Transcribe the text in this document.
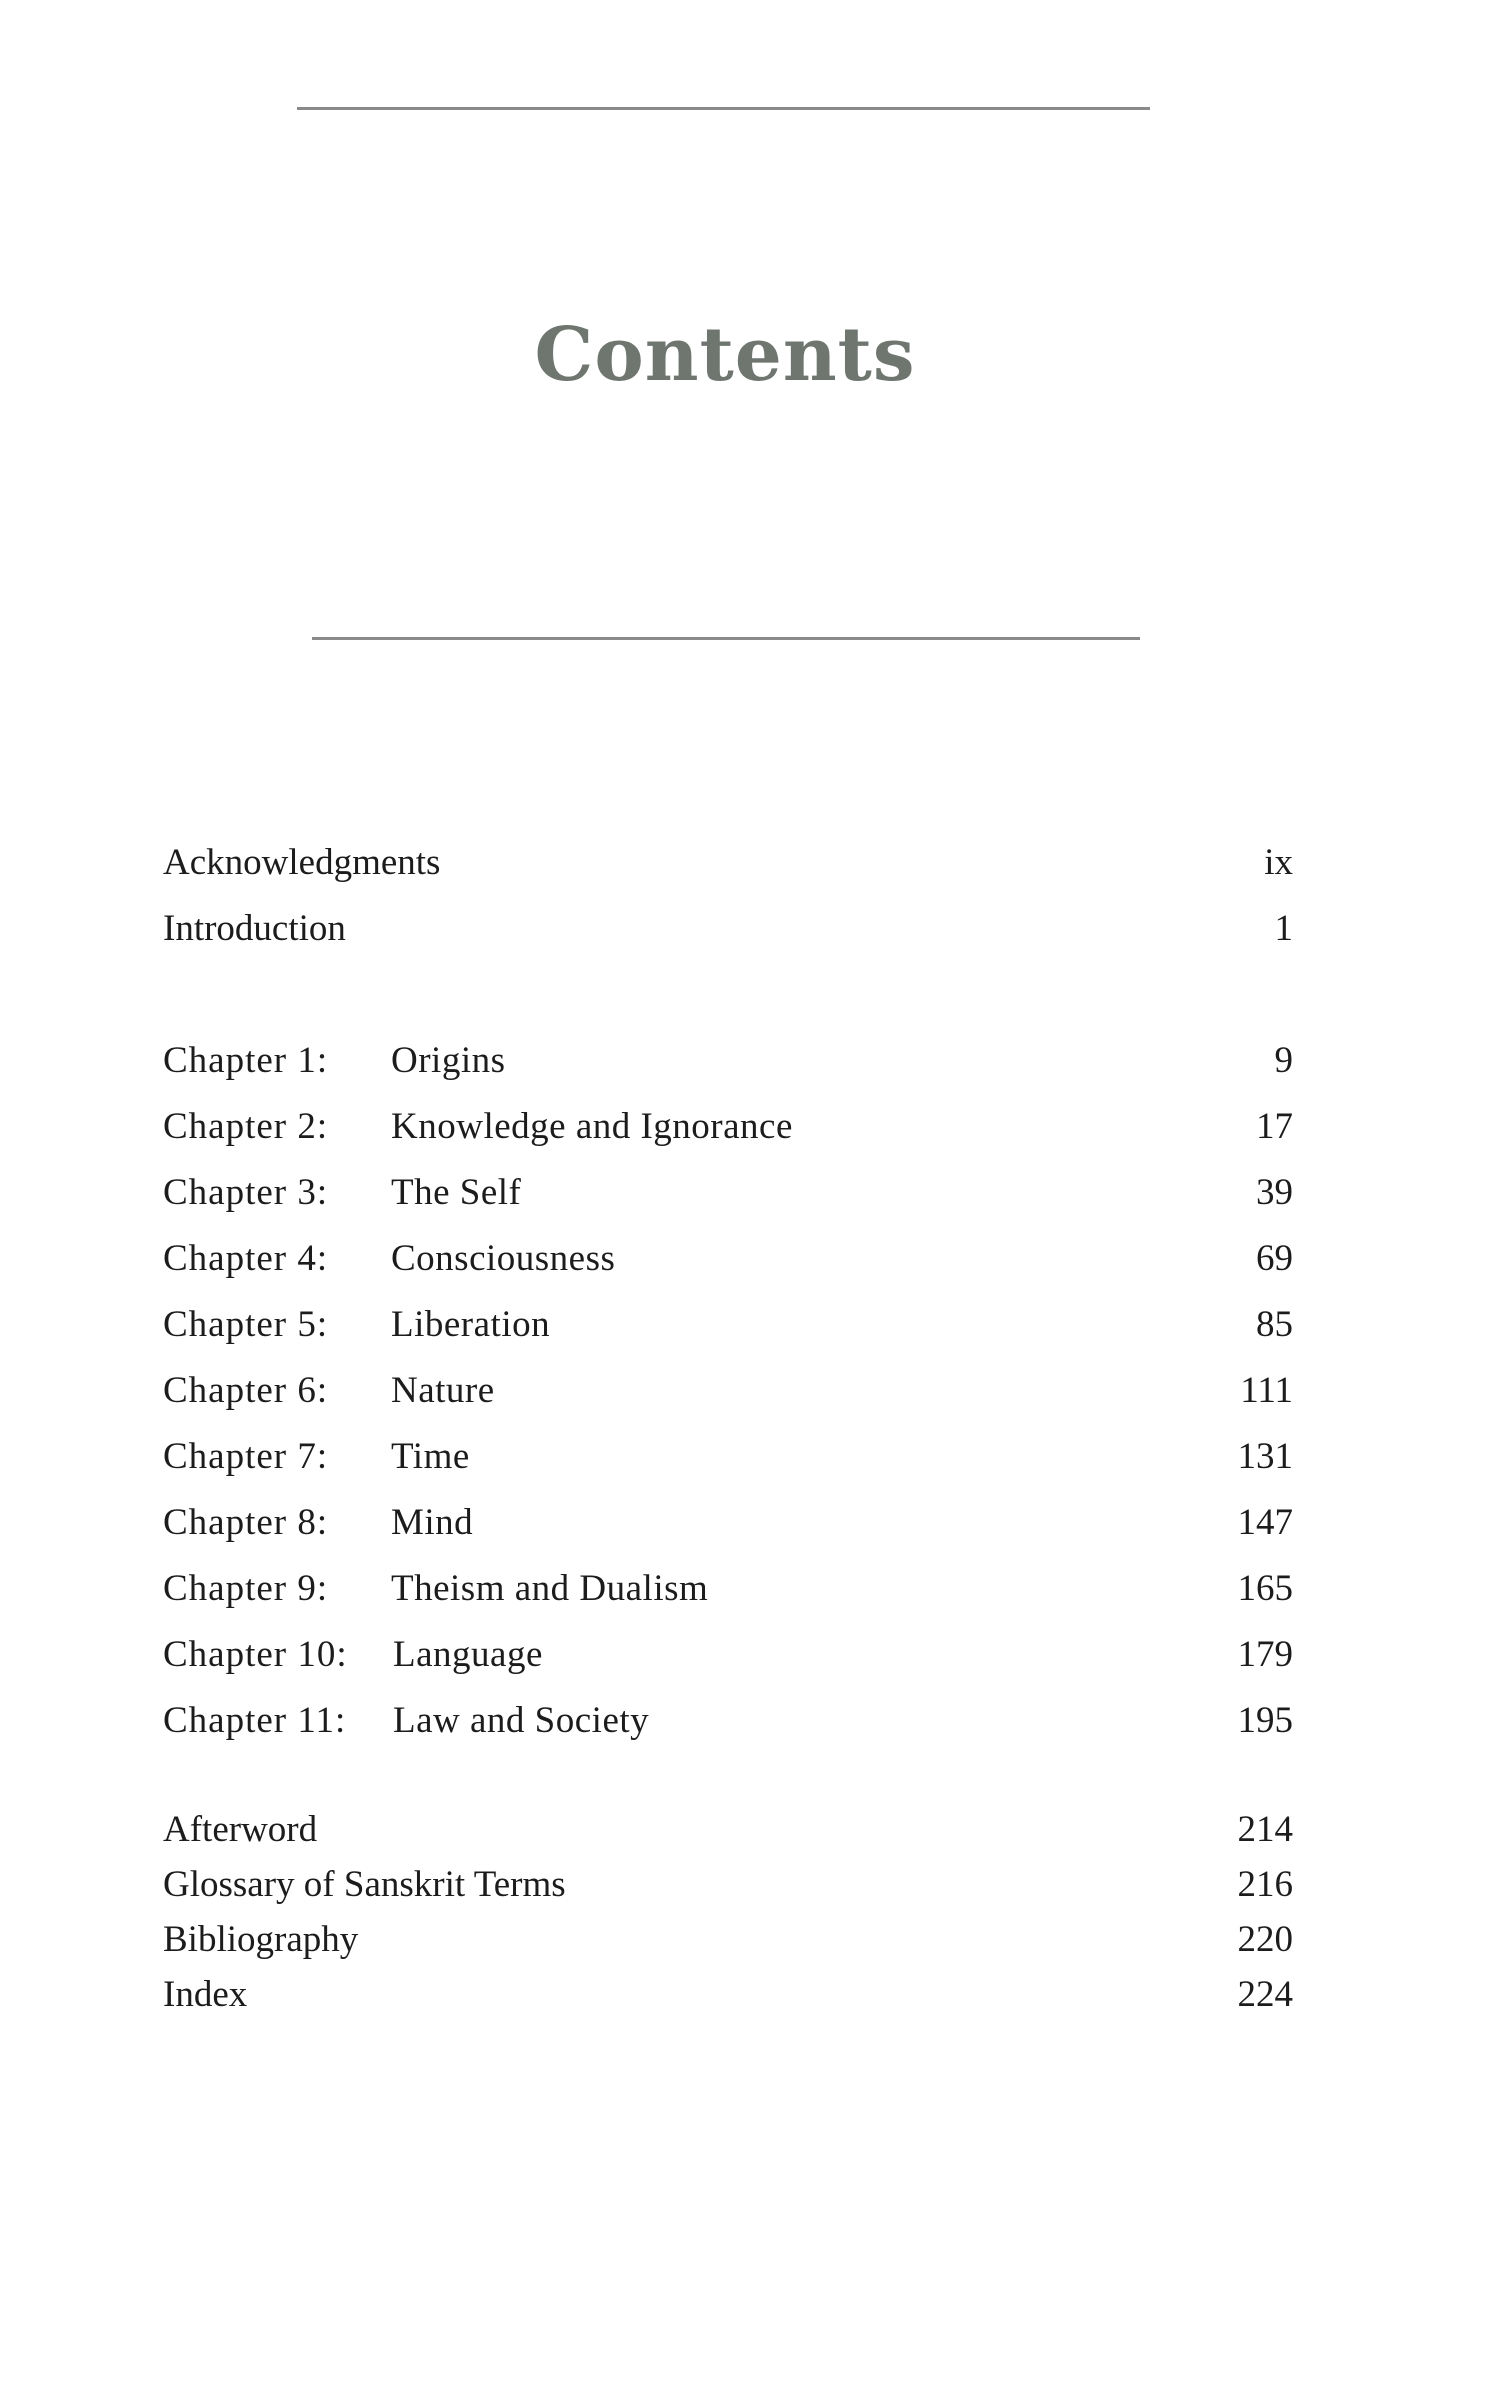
Contents
Acknowledgments	ix
Introduction	1
Chapter 1: Origins	9
Chapter 2: Knowledge and Ignorance	17
Chapter 3: The Self	39
Chapter 4: Consciousness	69
Chapter 5: Liberation	85
Chapter 6: Nature	111
Chapter 7: Time	131
Chapter 8: Mind	147
Chapter 9: Theism and Dualism	165
Chapter 10: Language	179
Chapter 11: Law and Society	195
Afterword	214
Glossary of Sanskrit Terms	216
Bibliography	220
Index	224
